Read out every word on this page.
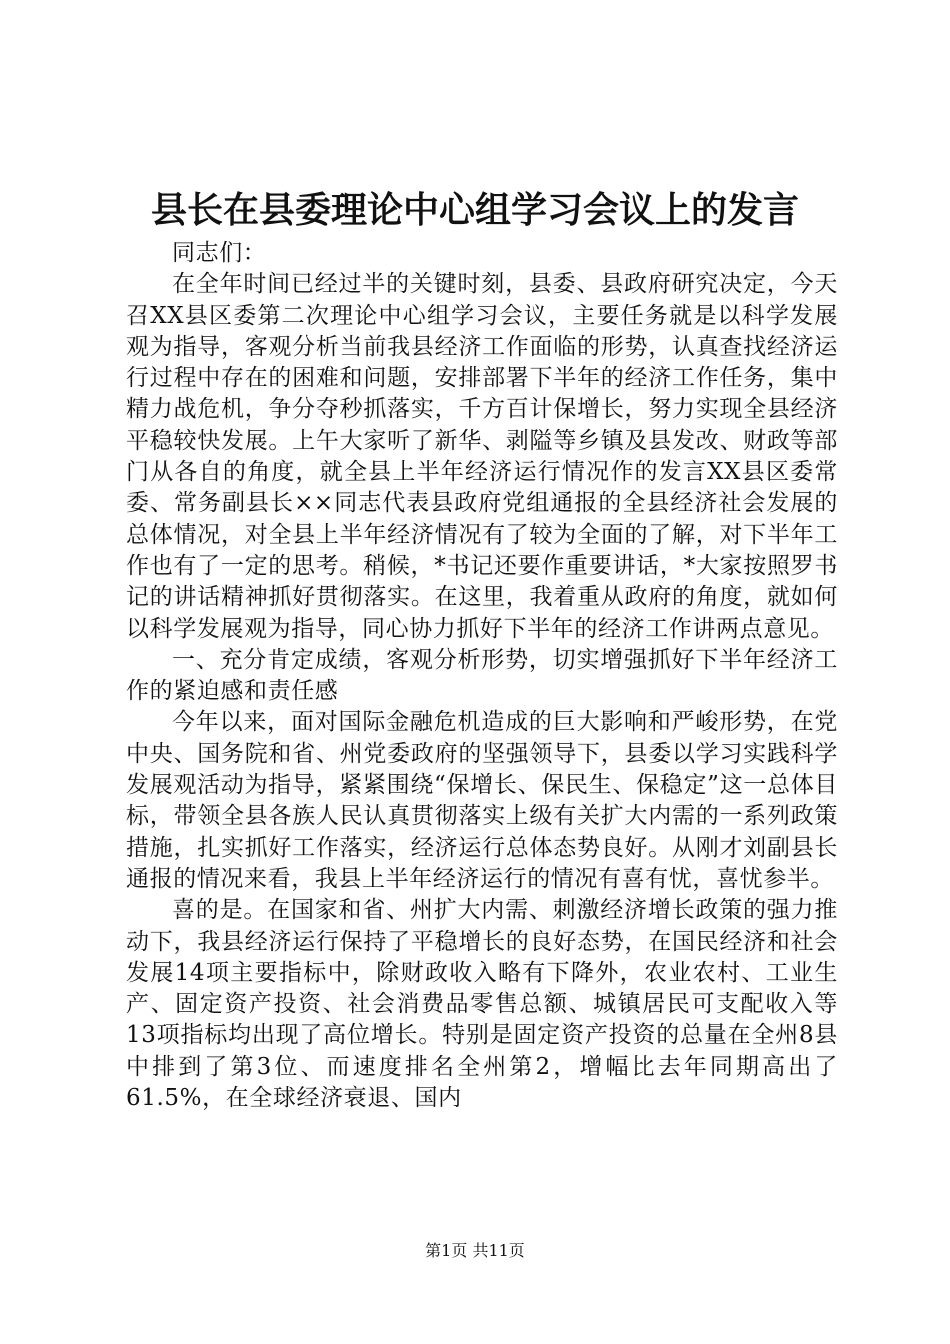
县长在县委理论中心组学习会议上的发言

同志们：

在全年时间已经过半的关键时刻，县委、县政府研究决定，今天召XX县区委第二次理论中心组学习会议，主要任务就是以科学发展观为指导，客观分析当前我县经济工作面临的形势，认真查找经济运行过程中存在的困难和问题，安排部署下半年的经济工作任务，集中精力战危机，争分夺秒抓落实，千方百计保增长，努力实现全县经济平稳较快发展。上午大家听了新华、剥隘等乡镇及县发改、财政等部门从各自的角度，就全县上半年经济运行情况作的发言XX县区委常委、常务副县长××同志代表县政府党组通报的全县经济社会发展的总体情况，对全县上半年经济情况有了较为全面的了解，对下半年工作也有了一定的思考。稍候，*书记还要作重要讲话，*大家按照罗书记的讲话精神抓好贯彻落实。在这里，我着重从政府的角度，就如何以科学发展观为指导，同心协力抓好下半年的经济工作讲两点意见。

一、充分肯定成绩，客观分析形势，切实增强抓好下半年经济工作的紧迫感和责任感

今年以来，面对国际金融危机造成的巨大影响和严峻形势，在党中央、国务院和省、州党委政府的坚强领导下，县委以学习实践科学发展观活动为指导，紧紧围绕“保增长、保民生、保稳定”这一总体目标，带领全县各族人民认真贯彻落实上级有关扩大内需的一系列政策措施，扎实抓好工作落实，经济运行总体态势良好。从刚才刘副县长通报的情况来看，我县上半年经济运行的情况有喜有忧，喜忧参半。

喜的是。在国家和省、州扩大内需、刺激经济增长政策的强力推动下，我县经济运行保持了平稳增长的良好态势，在国民经济和社会发展14项主要指标中，除财政收入略有下降外，农业农村、工业生产、固定资产投资、社会消费品零售总额、城镇居民可支配收入等13项指标均出现了高位增长。特别是固定资产投资的总量在全州8县中排到了第3位、而速度排名全州第2，增幅比去年同期高出了61.5%，在全球经济衰退、国内

第1页 共11页
